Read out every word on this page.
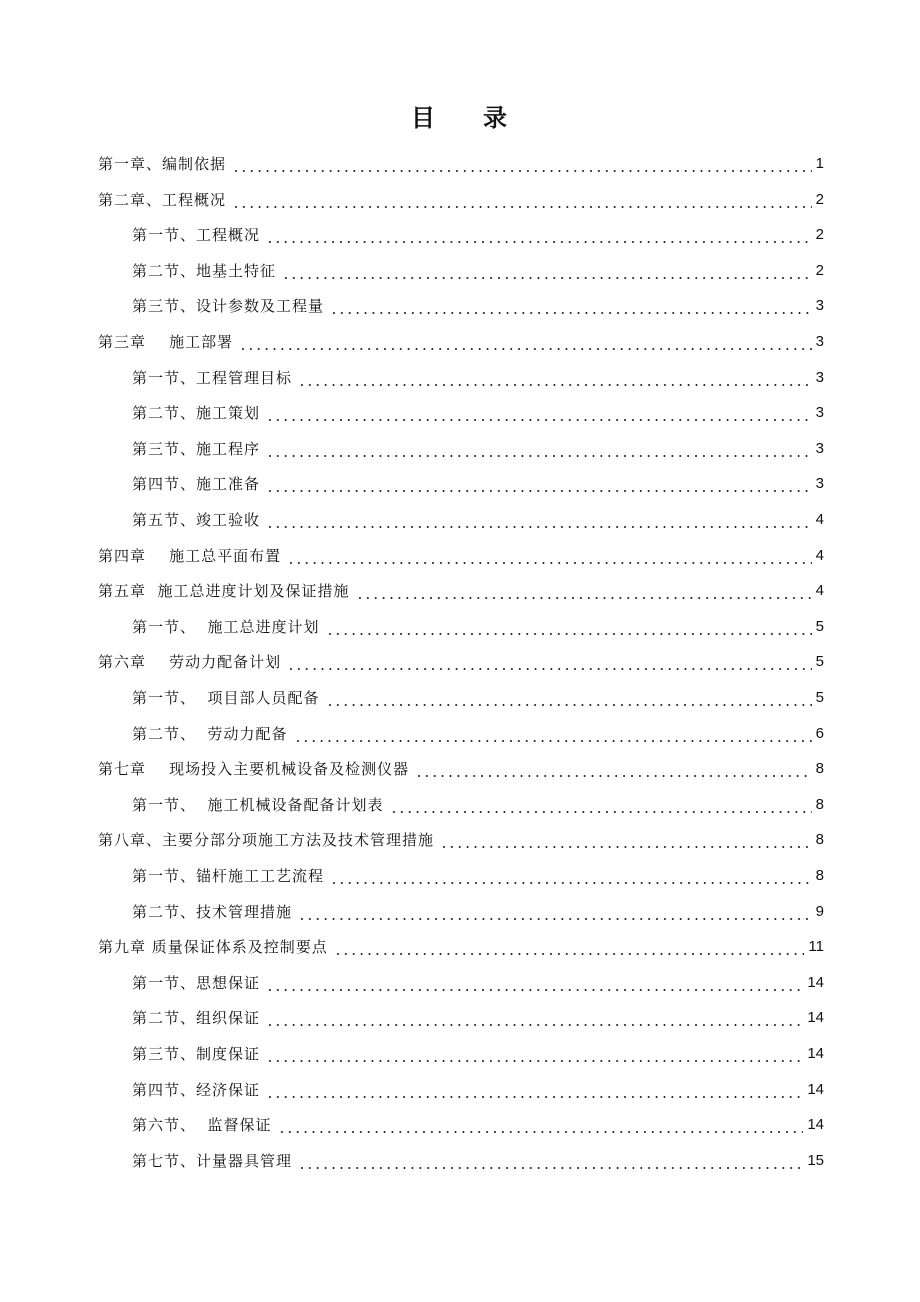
目 录
第一章、编制依据	1
第二章、工程概况	2
第一节、工程概况	2
第二节、地基土特征	2
第三节、设计参数及工程量	3
第三章    施工部署	3
第一节、工程管理目标	3
第二节、施工策划	3
第三节、施工程序	3
第四节、施工准备	3
第五节、竣工验收	4
第四章    施工总平面布置	4
第五章  施工总进度计划及保证措施	4
第一节、  施工总进度计划	5
第六章    劳动力配备计划	5
第一节、  项目部人员配备	5
第二节、  劳动力配备	6
第七章    现场投入主要机械设备及检测仪器	8
第一节、  施工机械设备配备计划表	8
第八章、主要分部分项施工方法及技术管理措施	8
第一节、锚杆施工工艺流程	8
第二节、技术管理措施	9
第九章 质量保证体系及控制要点	11
第一节、思想保证	14
第二节、组织保证	14
第三节、制度保证	14
第四节、经济保证	14
第六节、  监督保证	14
第七节、计量器具管理	15
